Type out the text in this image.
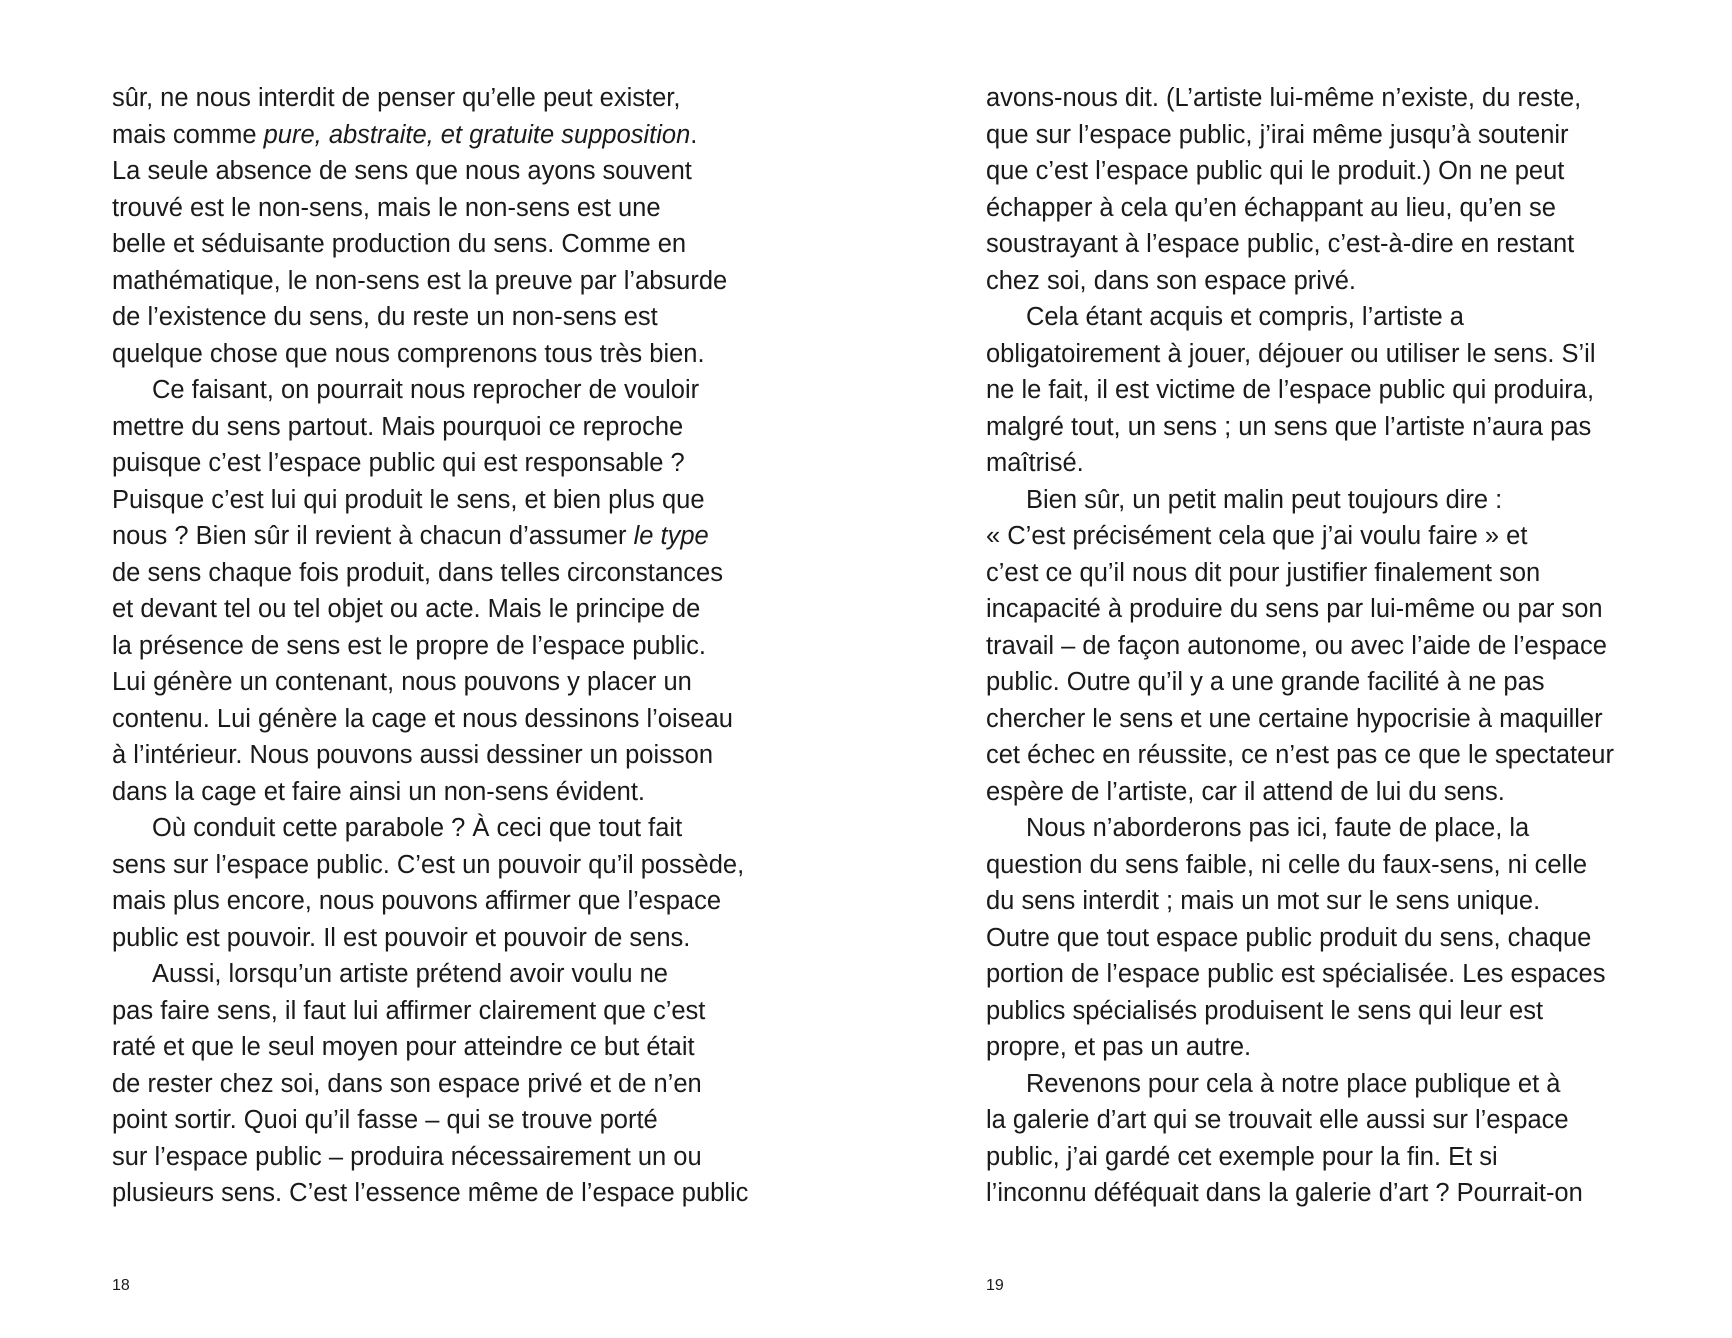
sûr, ne nous interdit de penser qu’elle peut exister,
mais comme pure, abstraite, et gratuite supposition.
La seule absence de sens que nous ayons souvent
trouvé est le non-sens, mais le non-sens est une
belle et séduisante production du sens. Comme en
mathématique, le non-sens est la preuve par l’absurde
de l’existence du sens, du reste un non-sens est
quelque chose que nous comprenons tous très bien.
Ce faisant, on pourrait nous reprocher de vouloir
mettre du sens partout. Mais pourquoi ce reproche
puisque c’est l’espace public qui est responsable ?
Puisque c’est lui qui produit le sens, et bien plus que
nous ? Bien sûr il revient à chacun d’assumer le type
de sens chaque fois produit, dans telles circonstances
et devant tel ou tel objet ou acte. Mais le principe de
la présence de sens est le propre de l’espace public.
Lui génère un contenant, nous pouvons y placer un
contenu. Lui génère la cage et nous dessinons l’oiseau
à l’intérieur. Nous pouvons aussi dessiner un poisson
dans la cage et faire ainsi un non-sens évident.
Où conduit cette parabole ? À ceci que tout fait
sens sur l’espace public. C’est un pouvoir qu’il possède,
mais plus encore, nous pouvons affirmer que l’espace
public est pouvoir. Il est pouvoir et pouvoir de sens.
Aussi, lorsqu’un artiste prétend avoir voulu ne
pas faire sens, il faut lui affirmer clairement que c’est
raté et que le seul moyen pour atteindre ce but était
de rester chez soi, dans son espace privé et de n’en
point sortir. Quoi qu’il fasse – qui se trouve porté
sur l’espace public – produira nécessairement un ou
plusieurs sens. C’est l’essence même de l’espace public
avons-nous dit. (L’artiste lui-même n’existe, du reste,
que sur l’espace public, j’irai même jusqu’à soutenir
que c’est l’espace public qui le produit.) On ne peut
échapper à cela qu’en échappant au lieu, qu’en se
soustrayant à l’espace public, c’est-à-dire en restant
chez soi, dans son espace privé.
Cela étant acquis et compris, l’artiste a
obligatoirement à jouer, déjouer ou utiliser le sens. S’il
ne le fait, il est victime de l’espace public qui produira,
malgré tout, un sens ; un sens que l’artiste n’aura pas
maîtrisé.
Bien sûr, un petit malin peut toujours dire :
« C’est précisément cela que j’ai voulu faire » et
c’est ce qu’il nous dit pour justifier finalement son
incapacité à produire du sens par lui-même ou par son
travail – de façon autonome, ou avec l’aide de l’espace
public. Outre qu’il y a une grande facilité à ne pas
chercher le sens et une certaine hypocrisie à maquiller
cet échec en réussite, ce n’est pas ce que le spectateur
espère de l’artiste, car il attend de lui du sens.
Nous n’aborderons pas ici, faute de place, la
question du sens faible, ni celle du faux-sens, ni celle
du sens interdit ; mais un mot sur le sens unique.
Outre que tout espace public produit du sens, chaque
portion de l’espace public est spécialisée. Les espaces
publics spécialisés produisent le sens qui leur est
propre, et pas un autre.
Revenons pour cela à notre place publique et à
la galerie d’art qui se trouvait elle aussi sur l’espace
public, j’ai gardé cet exemple pour la fin. Et si
l’inconnu déféquait dans la galerie d’art ? Pourrait-on
18	19
